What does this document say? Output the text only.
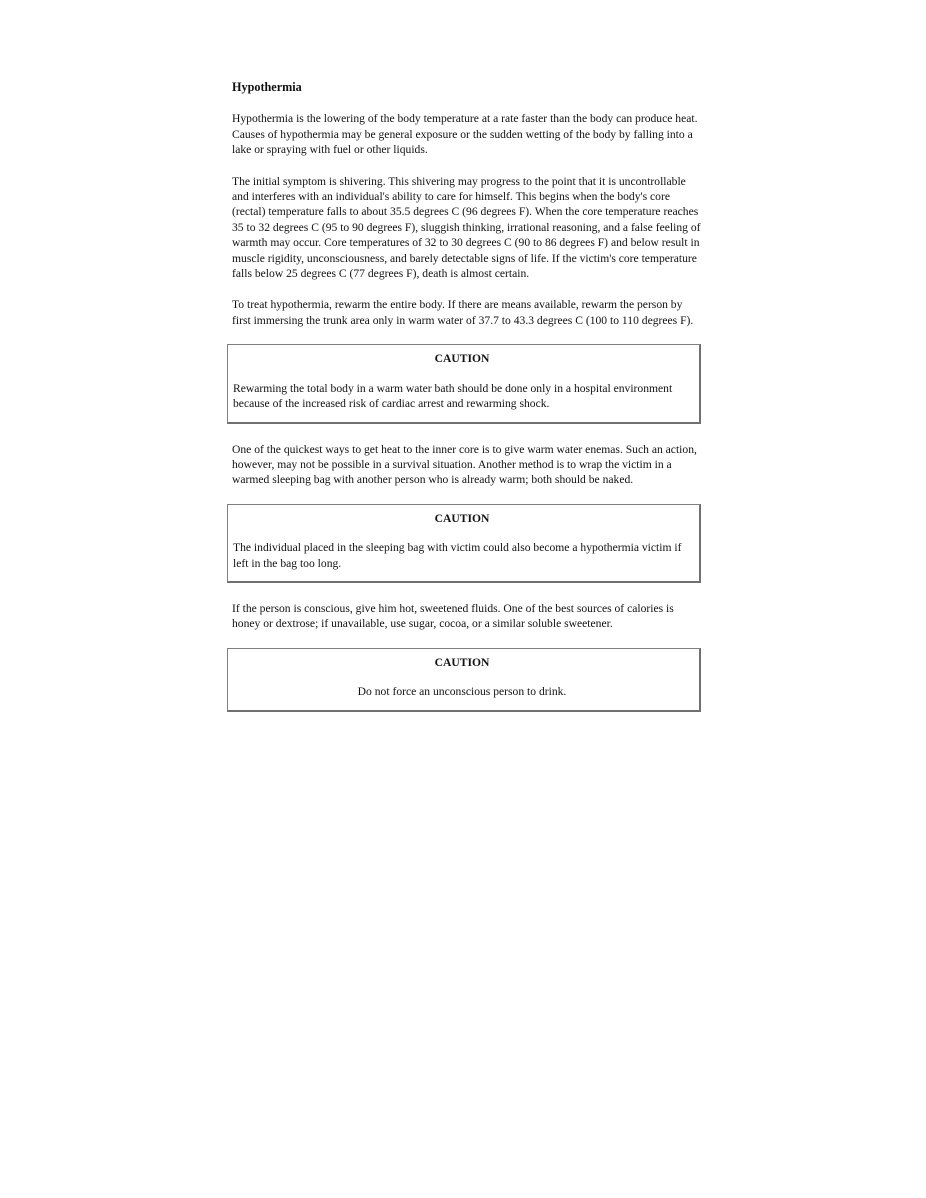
Hypothermia

Hypothermia is the lowering of the body temperature at a rate faster than the body can produce heat. Causes of hypothermia may be general exposure or the sudden wetting of the body by falling into a lake or spraying with fuel or other liquids.

The initial symptom is shivering. This shivering may progress to the point that it is uncontrollable and interferes with an individual's ability to care for himself. This begins when the body's core (rectal) temperature falls to about 35.5 degrees C (96 degrees F). When the core temperature reaches 35 to 32 degrees C (95 to 90 degrees F), sluggish thinking, irrational reasoning, and a false feeling of warmth may occur. Core temperatures of 32 to 30 degrees C (90 to 86 degrees F) and below result in muscle rigidity, unconsciousness, and barely detectable signs of life. If the victim's core temperature falls below 25 degrees C (77 degrees F), death is almost certain.

To treat hypothermia, rewarm the entire body. If there are means available, rewarm the person by first immersing the trunk area only in warm water of 37.7 to 43.3 degrees C (100 to 110 degrees F).

CAUTION

Rewarming the total body in a warm water bath should be done only in a hospital environment because of the increased risk of cardiac arrest and rewarming shock.

One of the quickest ways to get heat to the inner core is to give warm water enemas. Such an action, however, may not be possible in a survival situation. Another method is to wrap the victim in a warmed sleeping bag with another person who is already warm; both should be naked.

CAUTION

The individual placed in the sleeping bag with victim could also become a hypothermia victim if left in the bag too long.

If the person is conscious, give him hot, sweetened fluids. One of the best sources of calories is honey or dextrose; if unavailable, use sugar, cocoa, or a similar soluble sweetener.

CAUTION

Do not force an unconscious person to drink.
